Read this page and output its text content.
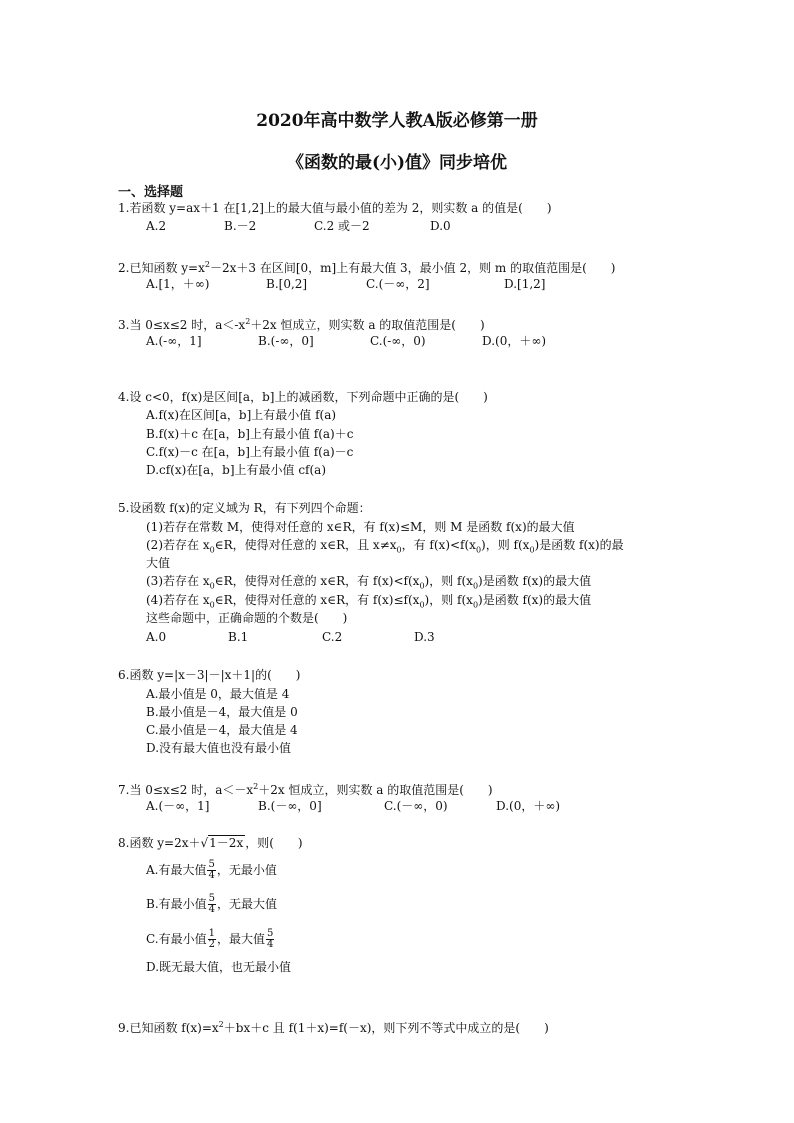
2020年高中数学人教A版必修第一册
《函数的最(小)值》同步培优
一、选择题
1.若函数 y=ax＋1 在[1,2]上的最大值与最小值的差为 2，则实数 a 的值是(　　)
A.2	B.－2	C.2 或－2	D.0
2.已知函数 $y=x^2-2x+3$ 在区间[0，m]上有最大值 3，最小值 2，则 m 的取值范围是(　　)
A.[1，＋∞)	B.[0,2]	C.(－∞，2]	D.[1,2]
3.当 0≤x≤2 时，$a<-x^2+2x$ 恒成立，则实数 a 的取值范围是(　　)
A.(-∞，1]	B.(-∞，0]	C.(-∞，0)	D.(0，＋∞)
4.设 c<0，f(x)是区间[a，b]上的减函数，下列命题中正确的是(　　)
A.f(x)在区间[a，b]上有最小值 f(a)
B.f(x)＋c 在[a，b]上有最小值 f(a)＋c
C.f(x)－c 在[a，b]上有最小值 f(a)－c
D.cf(x)在[a，b]上有最小值 cf(a)
5.设函数 f(x)的定义域为 R，有下列四个命题：
(1)若存在常数 M，使得对任意的 x∈R，有 f(x)≤M，则 M 是函数 f(x)的最大值
(2)若存在 $x_0\in R$，使得对任意的 x∈R，且 $x\ne x_0$，有 $f(x)<f(x_0)$，则 $f(x_0)$是函数 f(x)的最
大值
(3)若存在 $x_0\in R$，使得对任意的 x∈R，有 $f(x)<f(x_0)$，则 $f(x_0)$是函数 f(x)的最大值
(4)若存在 $x_0\in R$，使得对任意的 x∈R，有 $f(x)\le f(x_0)$，则 $f(x_0)$是函数 f(x)的最大值
这些命题中，正确命题的个数是(　　)
A.0	B.1	C.2	D.3
6.函数 y=|x－3|－|x＋1|的(　　)
A.最小值是 0，最大值是 4
B.最小值是－4，最大值是 0
C.最小值是－4，最大值是 4
D.没有最大值也没有最小值
7.当 0≤x≤2 时，$a<-x^2+2x$ 恒成立，则实数 a 的取值范围是(　　)
A.(－∞，1]	B.(－∞，0]	C.(－∞，0)	D.(0，＋∞)
8.函数 y=2x＋√1－2x ，则(　　)
A.有最大值 $\frac{5}{4}$ ，无最小值
B.有最小值 $\frac{5}{4}$ ，无最大值
C.有最小值 $\frac{1}{2}$ ，最大值 $\frac{5}{4}$
D.既无最大值，也无最小值
9.已知函数 $f(x)=x^2+bx+c$ 且 f(1＋x)=f(－x)，则下列不等式中成立的是(　　)
